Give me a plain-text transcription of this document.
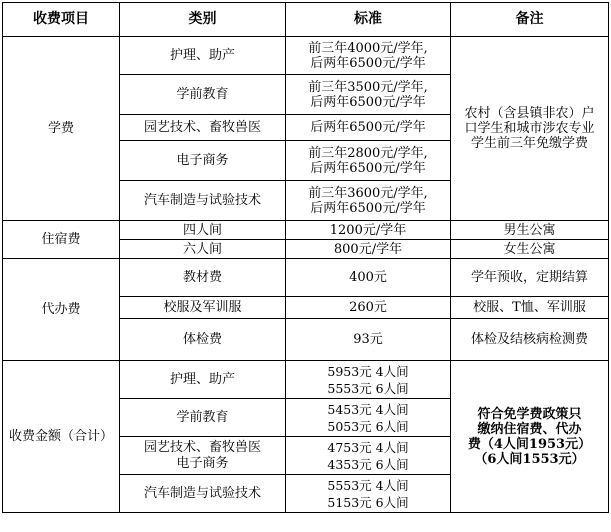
收费项目	类别	标准	备注
学费	护理、助产	前三年4000元/学年,
后两年6500元/学年	农村（含县镇非农）户口学生和城市涉农专业学生前三年免缴学费
	学前教育	前三年3500元/学年,
后两年6500元/学年	

	园艺技术、畜牧兽医	后两年6500元/学年	

	电子商务	前三年2800元/学年,
后两年6500元/学年	

	汽车制造与试验技术	前三年3600元/学年,
后两年6500元/学年	

住宿费	四人间	1200元/学年	男生公寓
	六人间	800元/学年	女生公寓
代办费	教材费	400元	学年预收，定期结算
	校服及军训服	260元	校服、T恤、军训服
	体检费	93元	体检及结核病检测费
收费金额（合计）	护理、助产	5953元 4人间
5553元 6人间	符合免学费政策只
缴纳住宿费、代办
费（4人间1953元）
（6人间1553元）

	学前教育	5453元 4人间
5053元 6人间	

	园艺技术、畜牧兽医
电子商务	4753元 4人间
4353元 6人间	

	汽车制造与试验技术	5553元 4人间
5153元 6人间	
